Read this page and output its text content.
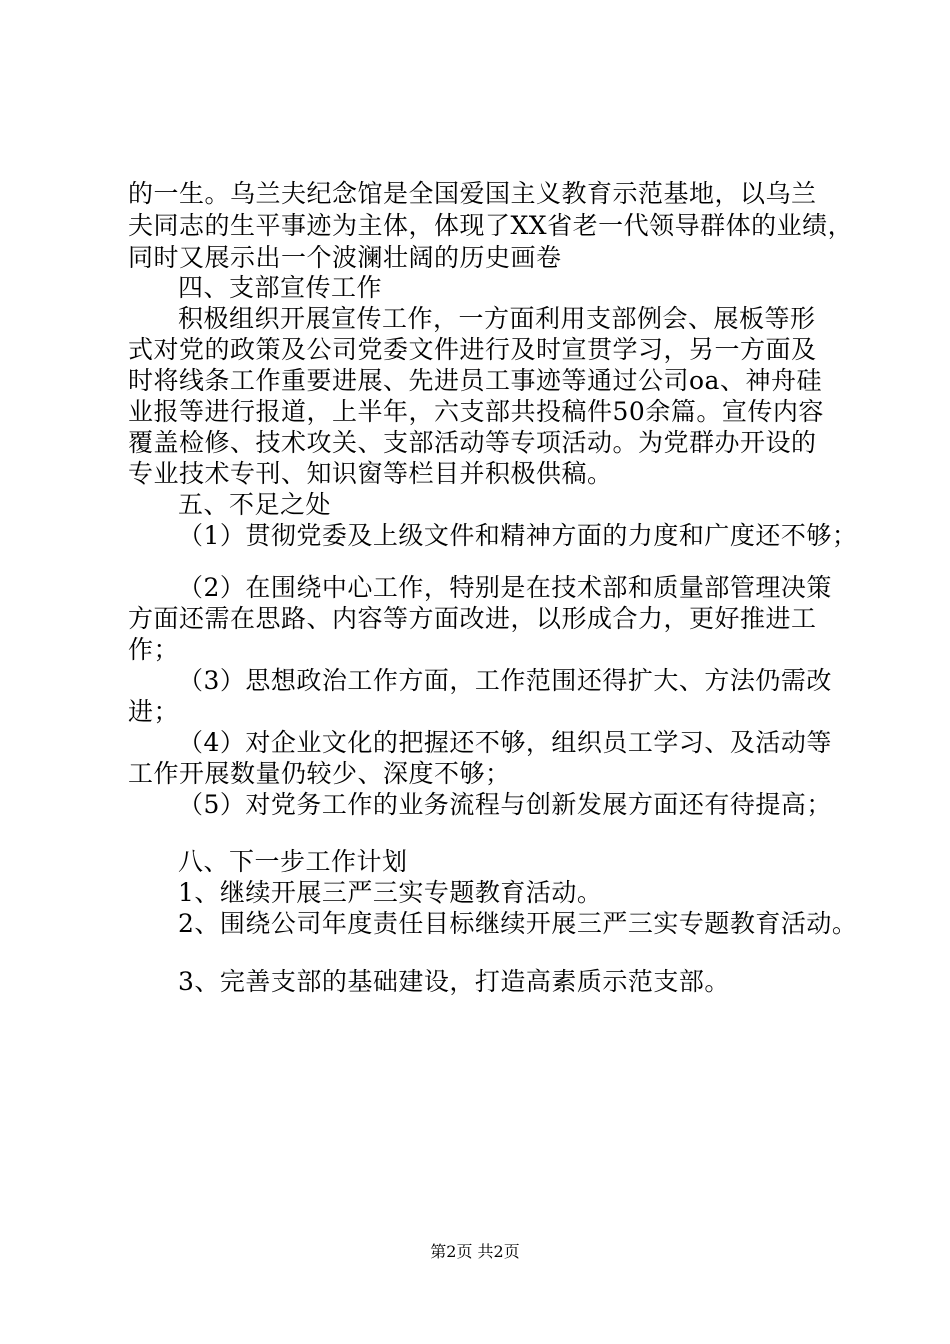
的一生。乌兰夫纪念馆是全国爱国主义教育示范基地，以乌兰
夫同志的生平事迹为主体，体现了XX省老一代领导群体的业绩，
同时又展示出一个波澜壮阔的历史画卷
四、支部宣传工作
积极组织开展宣传工作，一方面利用支部例会、展板等形
式对党的政策及公司党委文件进行及时宣贯学习，另一方面及
时将线条工作重要进展、先进员工事迹等通过公司oa、神舟硅
业报等进行报道，上半年，六支部共投稿件50余篇。宣传内容
覆盖检修、技术攻关、支部活动等专项活动。为党群办开设的
专业技术专刊、知识窗等栏目并积极供稿。
五、不足之处
（1）贯彻党委及上级文件和精神方面的力度和广度还不够；
（2）在围绕中心工作，特别是在技术部和质量部管理决策
方面还需在思路、内容等方面改进，以形成合力，更好推进工
作；
（3）思想政治工作方面，工作范围还得扩大、方法仍需改
进；
（4）对企业文化的把握还不够，组织员工学习、及活动等
工作开展数量仍较少、深度不够；
（5）对党务工作的业务流程与创新发展方面还有待提高；
八、下一步工作计划
1、继续开展三严三实专题教育活动。
2、围绕公司年度责任目标继续开展三严三实专题教育活动。
3、完善支部的基础建设，打造高素质示范支部。
第2页 共2页
